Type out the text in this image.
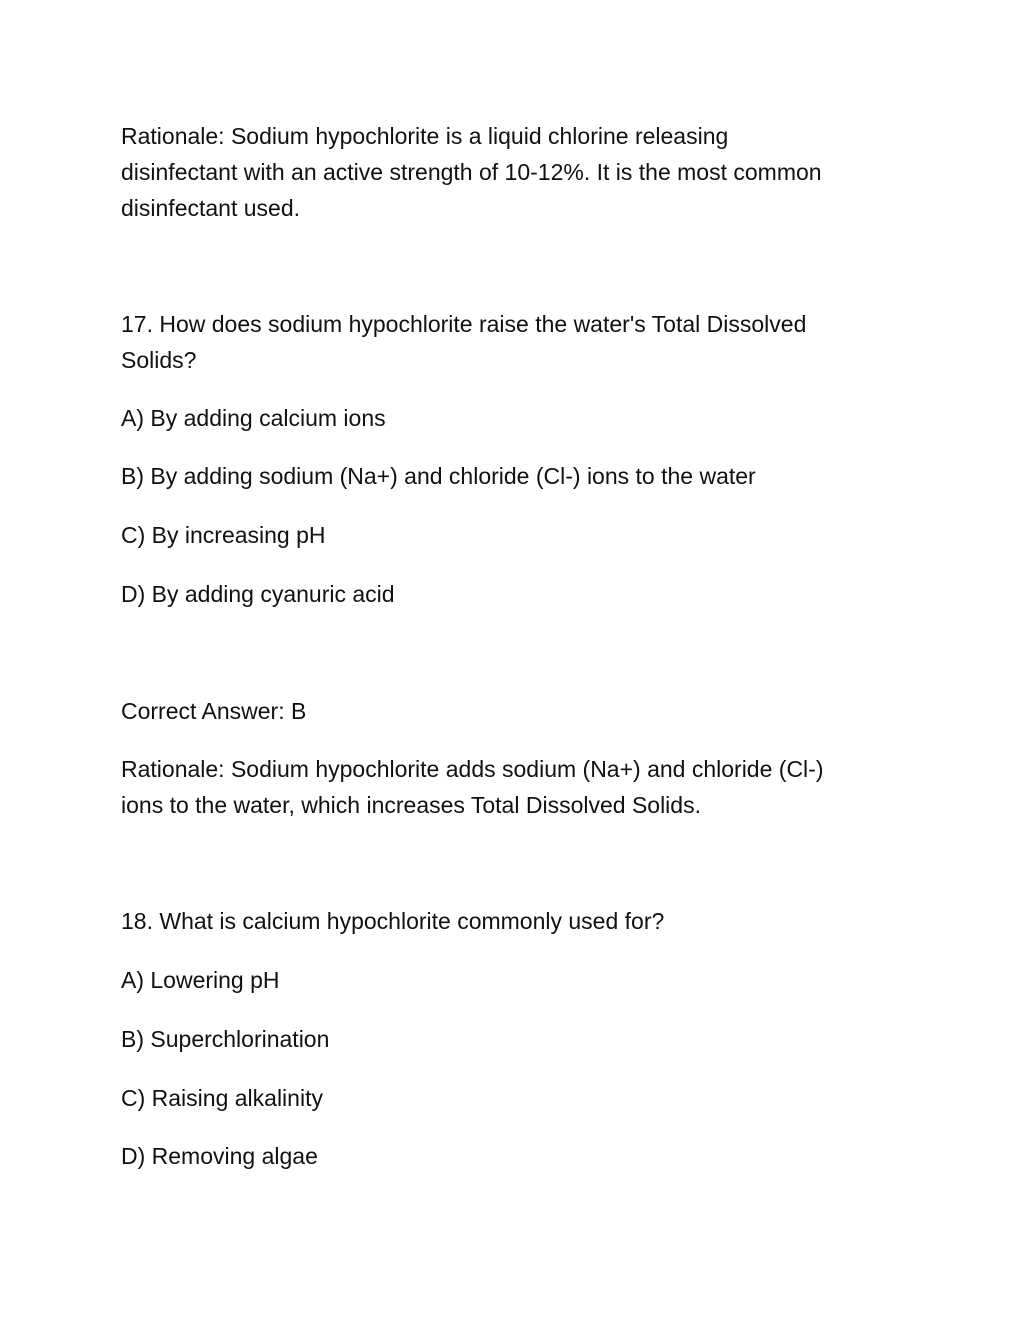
Rationale: Sodium hypochlorite is a liquid chlorine releasing
disinfectant with an active strength of 10-12%. It is the most common
disinfectant used.

17. How does sodium hypochlorite raise the water's Total Dissolved
Solids?

A) By adding calcium ions

B) By adding sodium (Na+) and chloride (Cl-) ions to the water

C) By increasing pH

D) By adding cyanuric acid

Correct Answer: B

Rationale: Sodium hypochlorite adds sodium (Na+) and chloride (Cl-)
ions to the water, which increases Total Dissolved Solids.

18. What is calcium hypochlorite commonly used for?

A) Lowering pH

B) Superchlorination

C) Raising alkalinity

D) Removing algae
